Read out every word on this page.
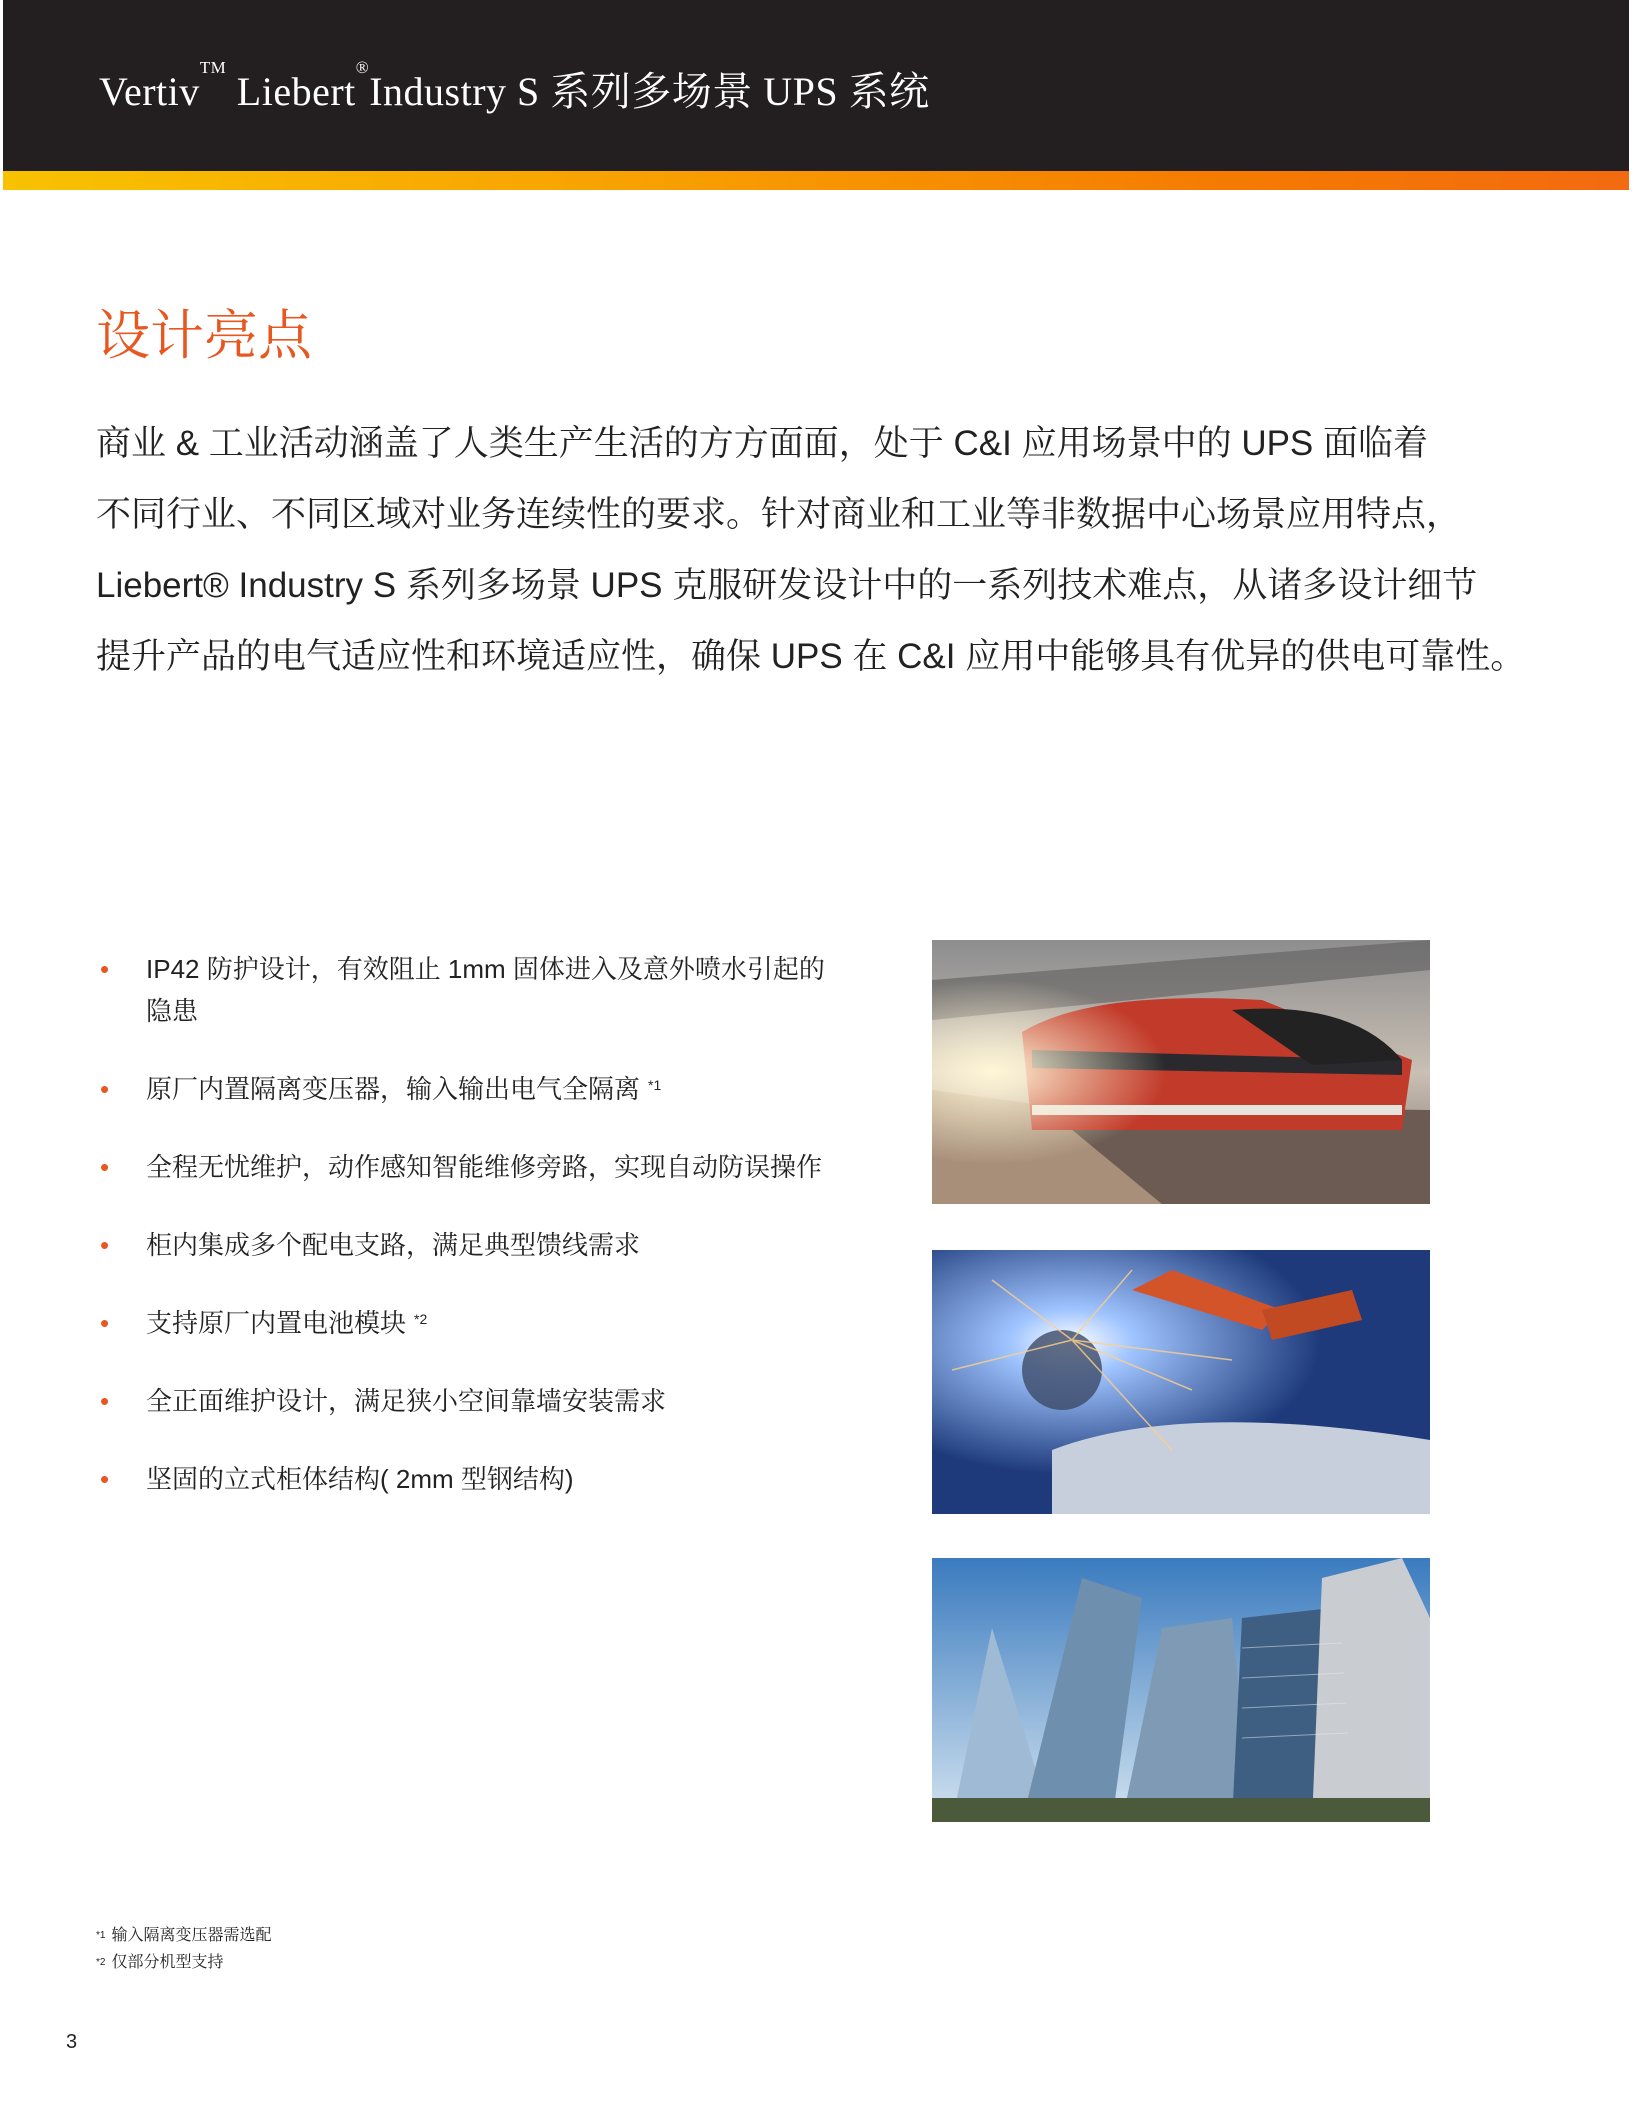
Vertiv™ Liebert®Industry S 系列多场景 UPS 系统
设计亮点

商业 & 工业活动涵盖了人类生产生活的方方面面，处于 C&I 应用场景中的 UPS 面临着

不同行业、不同区域对业务连续性的要求。针对商业和工业等非数据中心场景应用特点，

Liebert® Industry S 系列多场景 UPS 克服研发设计中的一系列技术难点，从诸多设计细节

提升产品的电气适应性和环境适应性，确保 UPS 在 C&I 应用中能够具有优异的供电可靠性。

• IP42 防护设计，有效阻止 1mm 固体进入及意外喷水引起的隐患
• 原厂内置隔离变压器，输入输出电气全隔离 $^{*1}$
• 全程无忧维护，动作感知智能维修旁路，实现自动防误操作
• 柜内集成多个配电支路，满足典型馈线需求
• 支持原厂内置电池模块 $^{*2}$
• 全正面维护设计，满足狭小空间靠墙安装需求
• 坚固的立式柜体结构( 2mm 型钢结构)
$^{*1}$ 输入隔离变压器需选配
$^{*2}$ 仅部分机型支持
3
